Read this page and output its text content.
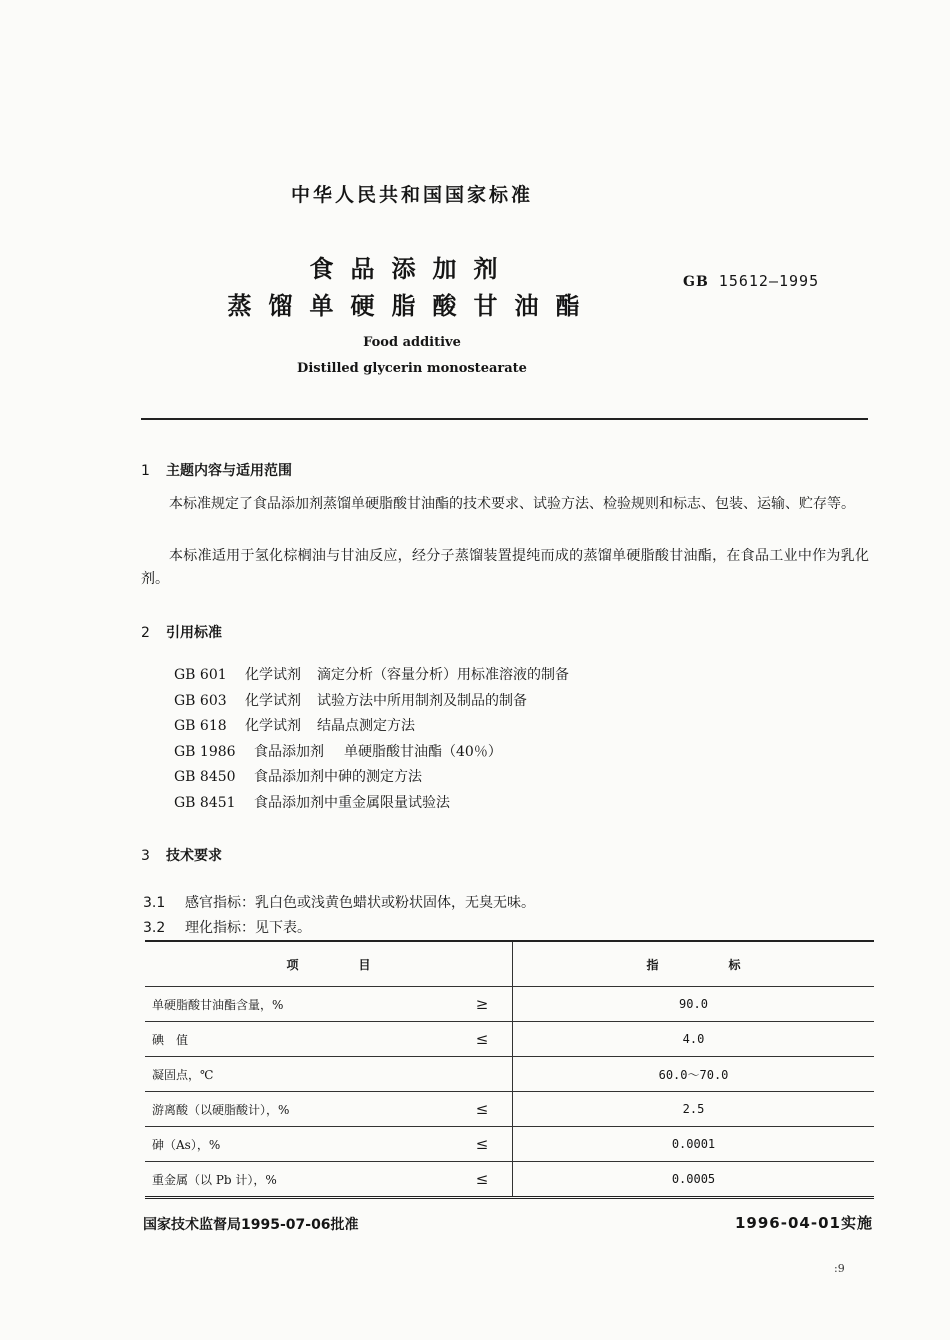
中华人民共和国国家标准
食品添加剂
蒸馏单硬脂酸甘油酯
GB 15612—1995
Food additive
Distilled glycerin monostearate
1 主题内容与适用范围
本标准规定了食品添加剂蒸馏单硬脂酸甘油酯的技术要求、试验方法、检验规则和标志、包装、运输、贮存等。
本标准适用于氢化棕榈油与甘油反应，经分子蒸馏装置提纯而成的蒸馏单硬脂酸甘油酯，在食品工业中作为乳化剂。
2 引用标准
GB 601 化学试剂 滴定分析（容量分析）用标准溶液的制备
GB 603 化学试剂 试验方法中所用制剂及制品的制备
GB 618 化学试剂 结晶点测定方法
GB 1986 食品添加剂 单硬脂酸甘油酯（40％）
GB 8450 食品添加剂中砷的测定方法
GB 8451 食品添加剂中重金属限量试验法
3 技术要求
3.1 感官指标：乳白色或浅黄色蜡状或粉状固体，无臭无味。
3.2 理化指标：见下表。
项目		指标
单硬脂酸甘油酯含量，%	≥	90.0
碘　值	≤	4.0
凝固点，℃		60.0～70.0
游离酸（以硬脂酸计），%	≤	2.5
砷（As），%	≤	0.0001
重金属（以 Pb 计），%	≤	0.0005
国家技术监督局1995-07-06批准	1996-04-01实施
:9
